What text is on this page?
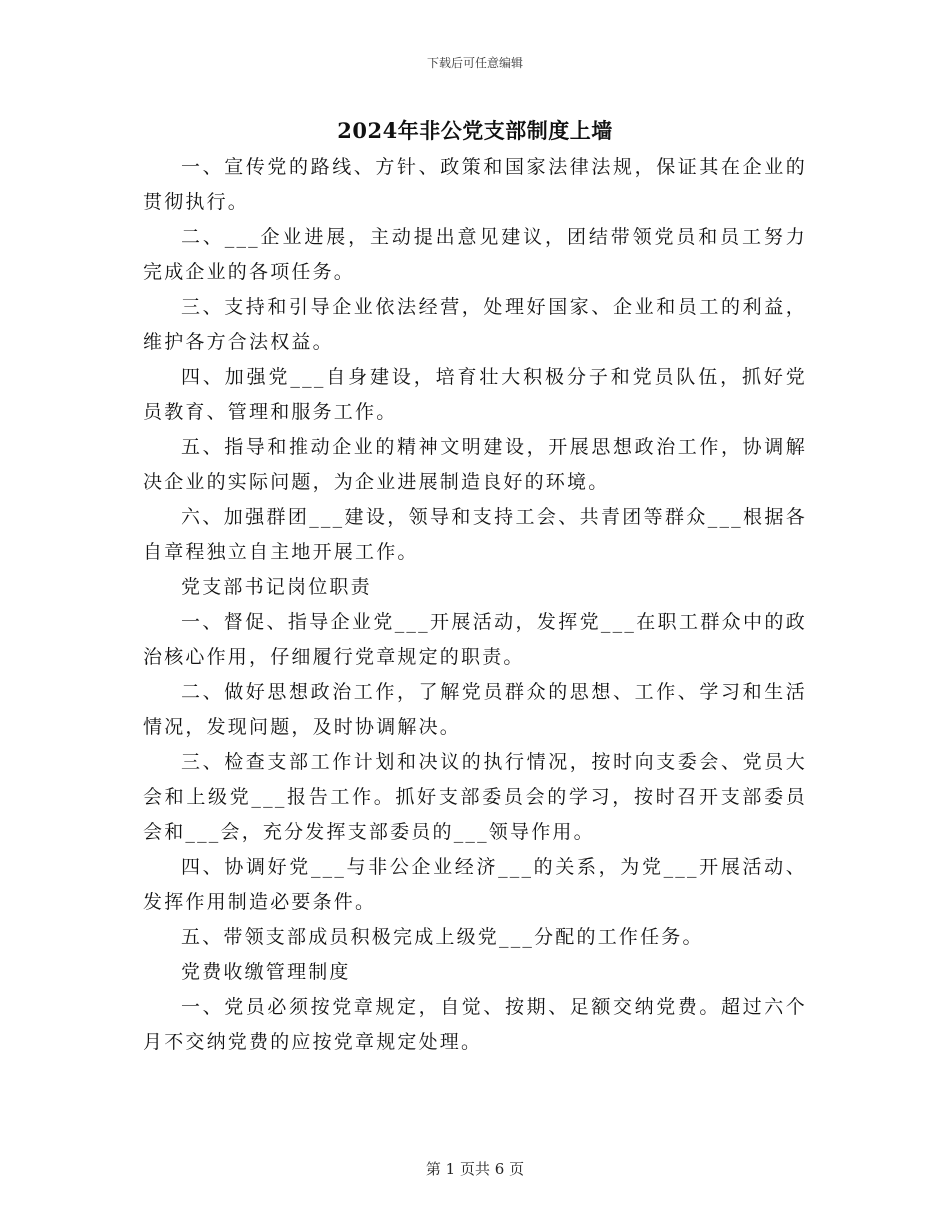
下载后可任意编辑
2024年非公党支部制度上墙

一、宣传党的路线、方针、政策和国家法律法规，保证其在企业的贯彻执行。

二、___企业进展，主动提出意见建议，团结带领党员和员工努力完成企业的各项任务。

三、支持和引导企业依法经营，处理好国家、企业和员工的利益，维护各方合法权益。

四、加强党___自身建设，培育壮大积极分子和党员队伍，抓好党员教育、管理和服务工作。

五、指导和推动企业的精神文明建设，开展思想政治工作，协调解决企业的实际问题，为企业进展制造良好的环境。

六、加强群团___建设，领导和支持工会、共青团等群众___根据各自章程独立自主地开展工作。

党支部书记岗位职责

一、督促、指导企业党___开展活动，发挥党___在职工群众中的政治核心作用，仔细履行党章规定的职责。

二、做好思想政治工作，了解党员群众的思想、工作、学习和生活情况，发现问题，及时协调解决。

三、检查支部工作计划和决议的执行情况，按时向支委会、党员大会和上级党___报告工作。抓好支部委员会的学习，按时召开支部委员会和___会，充分发挥支部委员的___领导作用。

四、协调好党___与非公企业经济___的关系，为党___开展活动、发挥作用制造必要条件。

五、带领支部成员积极完成上级党___分配的工作任务。

党费收缴管理制度

一、党员必须按党章规定，自觉、按期、足额交纳党费。超过六个月不交纳党费的应按党章规定处理。

第 1 页共 6 页
